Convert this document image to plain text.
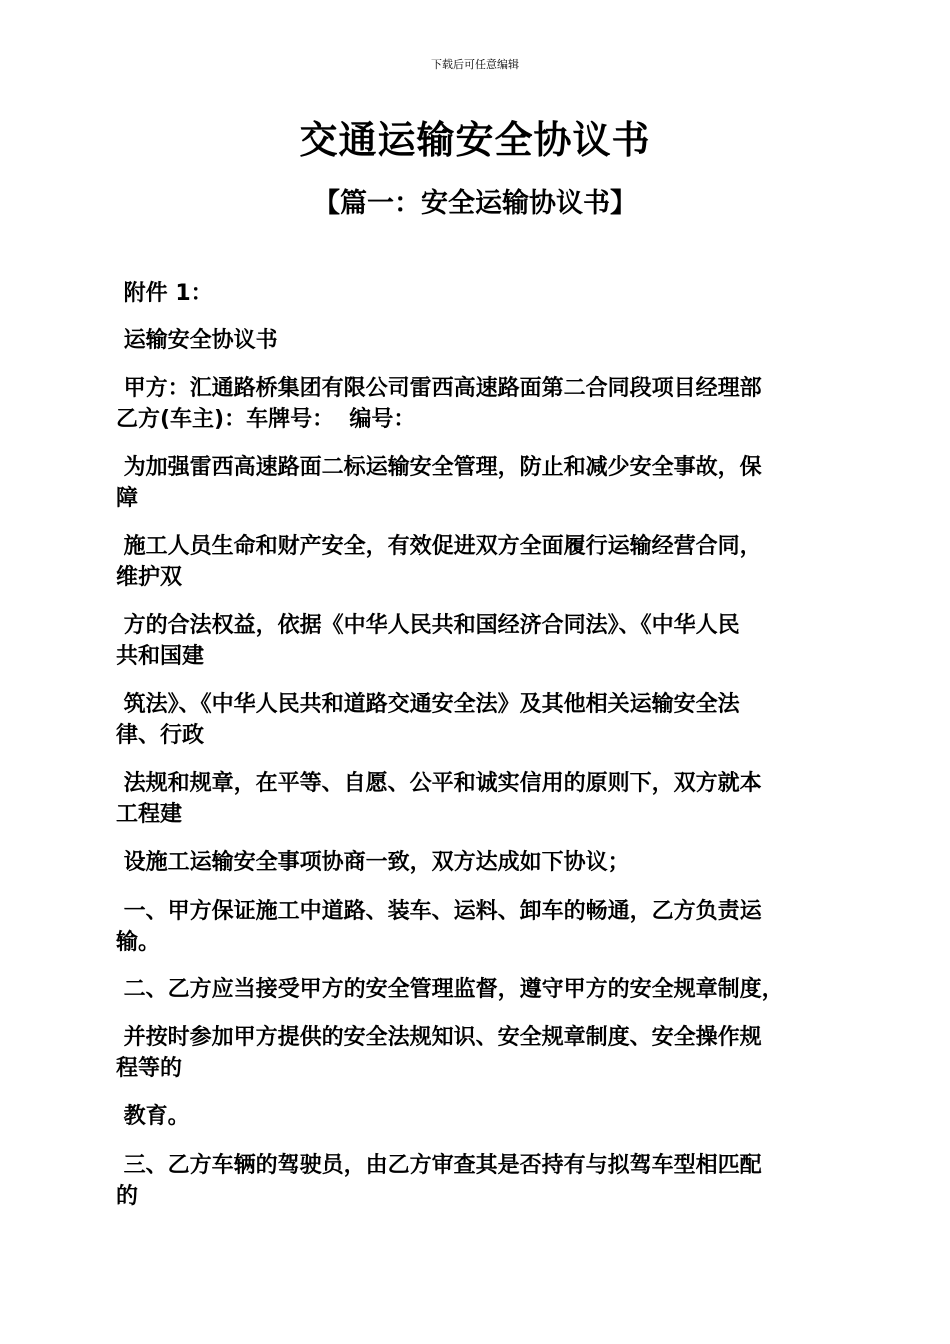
下载后可任意编辑
交通运输安全协议书
【篇一：安全运输协议书】
附件 1：
运输安全协议书
甲方：汇通路桥集团有限公司雷西高速路面第二合同段项目经理部
乙方(车主)：车牌号：  编号：
为加强雷西高速路面二标运输安全管理，防止和减少安全事故，保
障
施工人员生命和财产安全，有效促进双方全面履行运输经营合同，
维护双
方的合法权益，依据《中华人民共和国经济合同法》、《中华人民
共和国建
筑法》、《中华人民共和道路交通安全法》及其他相关运输安全法
律、行政
法规和规章，在平等、自愿、公平和诚实信用的原则下，双方就本
工程建
设施工运输安全事项协商一致，双方达成如下协议；
一、甲方保证施工中道路、装车、运料、卸车的畅通，乙方负责运
输。
二、乙方应当接受甲方的安全管理监督，遵守甲方的安全规章制度，
并按时参加甲方提供的安全法规知识、安全规章制度、安全操作规
程等的
教育。
三、乙方车辆的驾驶员，由乙方审查其是否持有与拟驾车型相匹配
的
